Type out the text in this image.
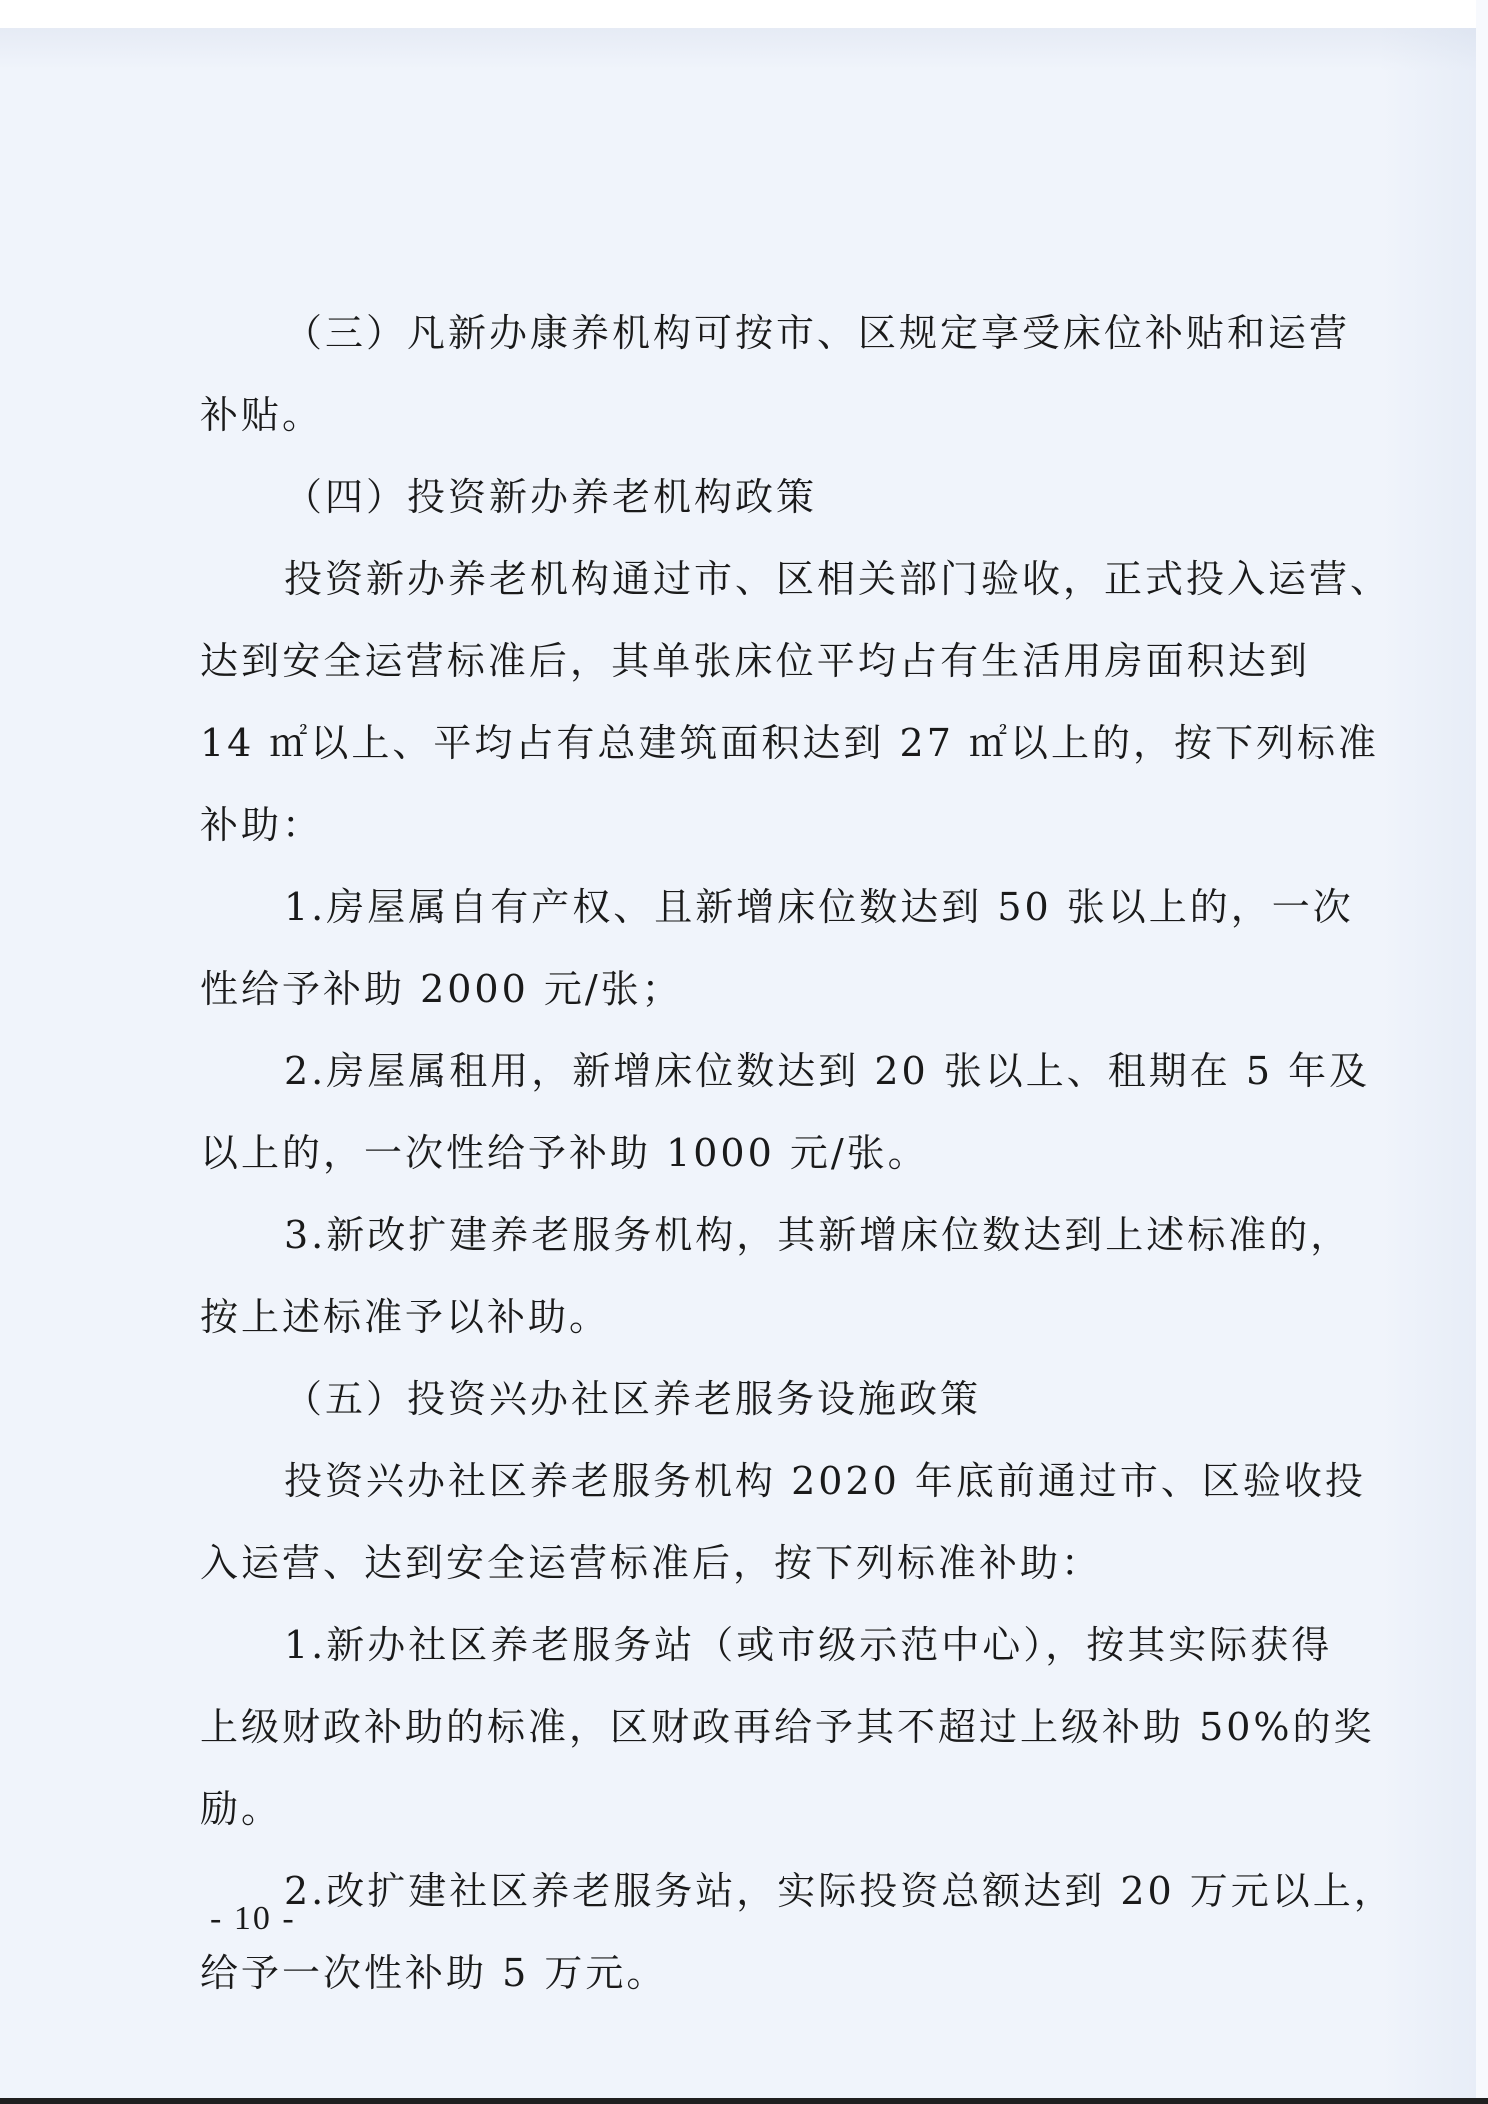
（三）凡新办康养机构可按市、区规定享受床位补贴和运营
补贴。
（四）投资新办养老机构政策
投资新办养老机构通过市、区相关部门验收，正式投入运营、
达到安全运营标准后，其单张床位平均占有生活用房面积达到
14 ㎡以上、平均占有总建筑面积达到 27 ㎡以上的，按下列标准
补助：
1.房屋属自有产权、且新增床位数达到 50 张以上的，一次
性给予补助 2000 元/张；
2.房屋属租用，新增床位数达到 20 张以上、租期在 5 年及
以上的，一次性给予补助 1000 元/张。
3.新改扩建养老服务机构，其新增床位数达到上述标准的，
按上述标准予以补助。
（五）投资兴办社区养老服务设施政策
投资兴办社区养老服务机构 2020 年底前通过市、区验收投
入运营、达到安全运营标准后，按下列标准补助：
1.新办社区养老服务站（或市级示范中心），按其实际获得
上级财政补助的标准，区财政再给予其不超过上级补助 50%的奖
励。
2.改扩建社区养老服务站，实际投资总额达到 20 万元以上，
给予一次性补助 5 万元。
- 10 -
